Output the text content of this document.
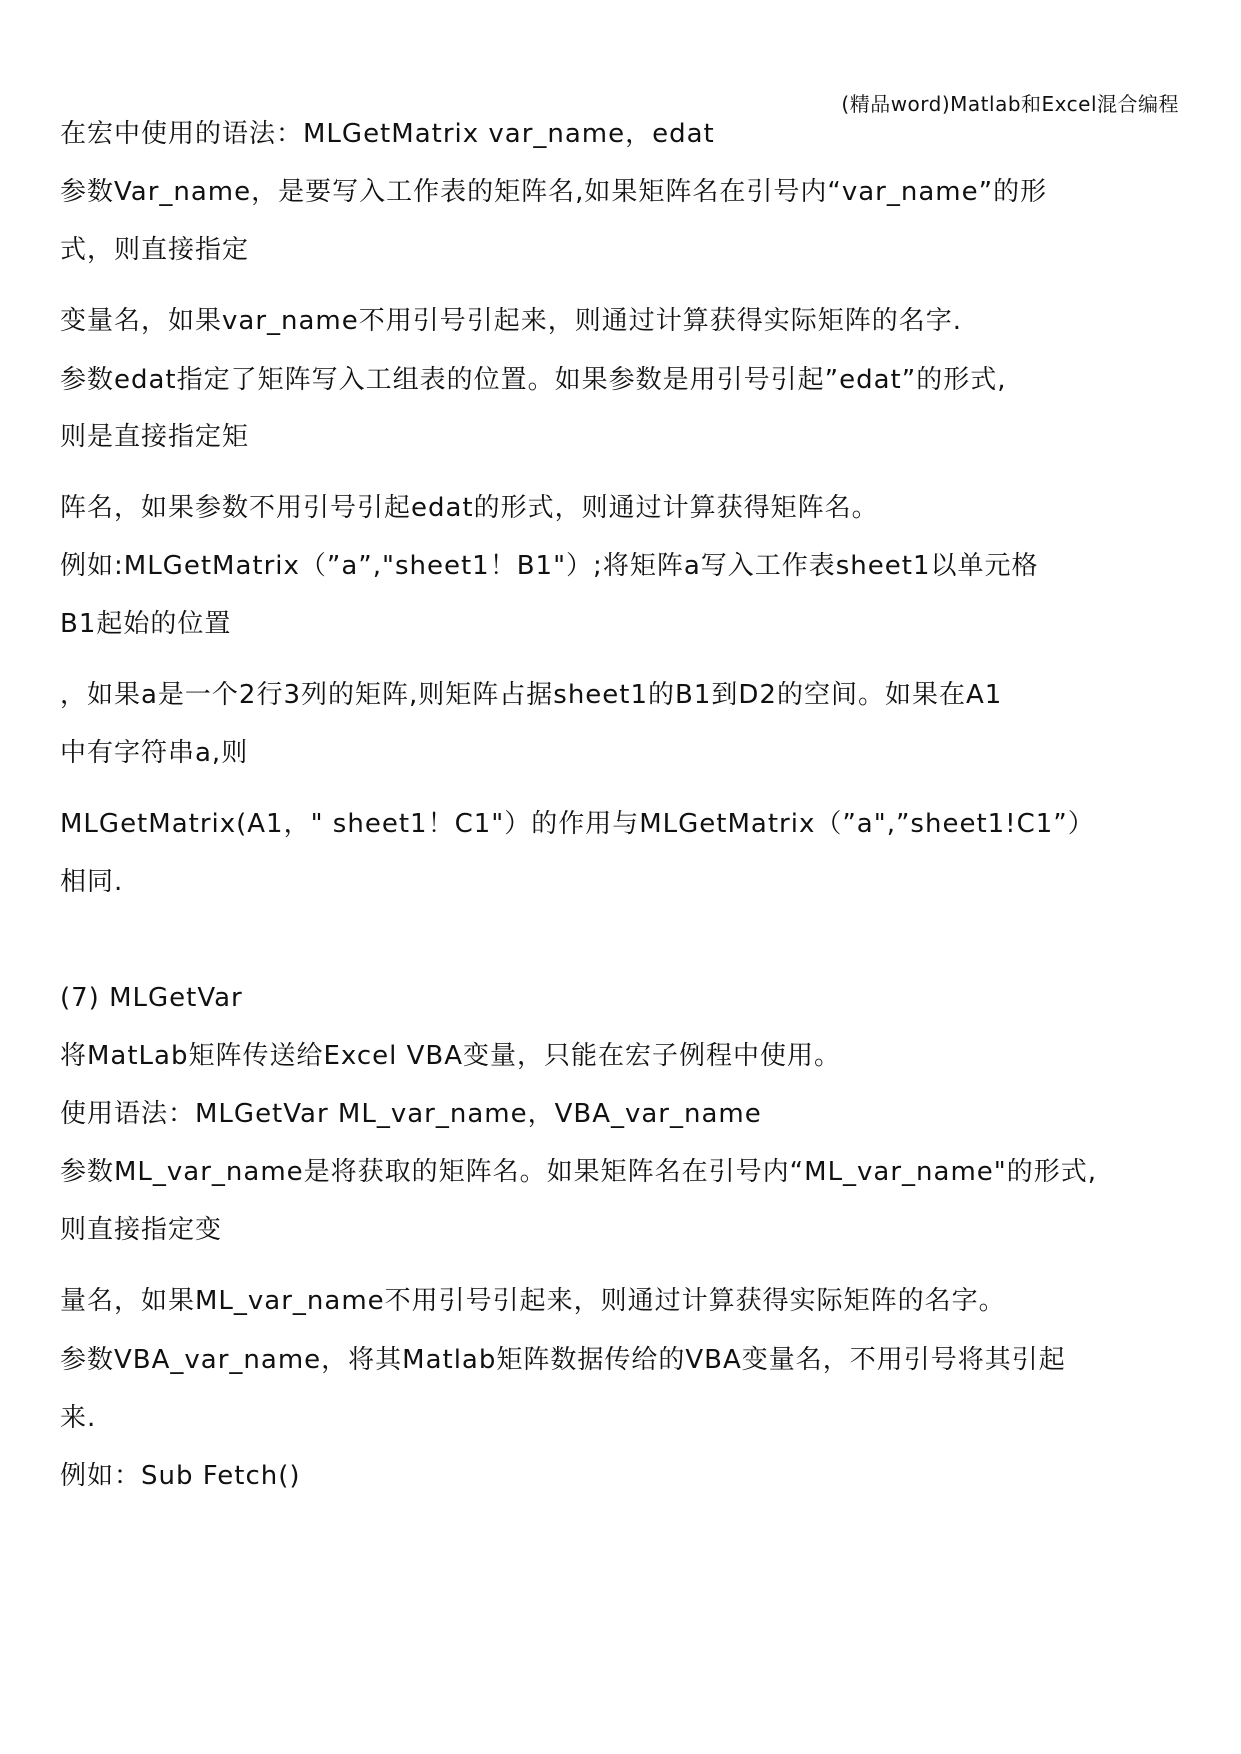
(精品word)Matlab和Excel混合编程
在宏中使用的语法：MLGetMatrix var_name，edat
参数Var_name，是要写入工作表的矩阵名,如果矩阵名在引号内“var_name”的形
式，则直接指定
变量名，如果var_name不用引号引起来，则通过计算获得实际矩阵的名字.
参数edat指定了矩阵写入工组表的位置。如果参数是用引号引起”edat”的形式,
则是直接指定矩
阵名，如果参数不用引号引起edat的形式，则通过计算获得矩阵名。
例如:MLGetMatrix（”a”,"sheet1！B1"）;将矩阵a写入工作表sheet1以单元格
B1起始的位置
，如果a是一个2行3列的矩阵,则矩阵占据sheet1的B1到D2的空间。如果在A1
中有字符串a,则
MLGetMatrix(A1，" sheet1！C1"）的作用与MLGetMatrix（”a",”sheet1!C1”）
相同.
(7) MLGetVar
将MatLab矩阵传送给Excel VBA变量，只能在宏子例程中使用。
使用语法：MLGetVar ML_var_name，VBA_var_name
参数ML_var_name是将获取的矩阵名。如果矩阵名在引号内“ML_var_name"的形式,
则直接指定变
量名，如果ML_var_name不用引号引起来，则通过计算获得实际矩阵的名字。
参数VBA_var_name，将其Matlab矩阵数据传给的VBA变量名，不用引号将其引起
来.
例如：Sub Fetch()
